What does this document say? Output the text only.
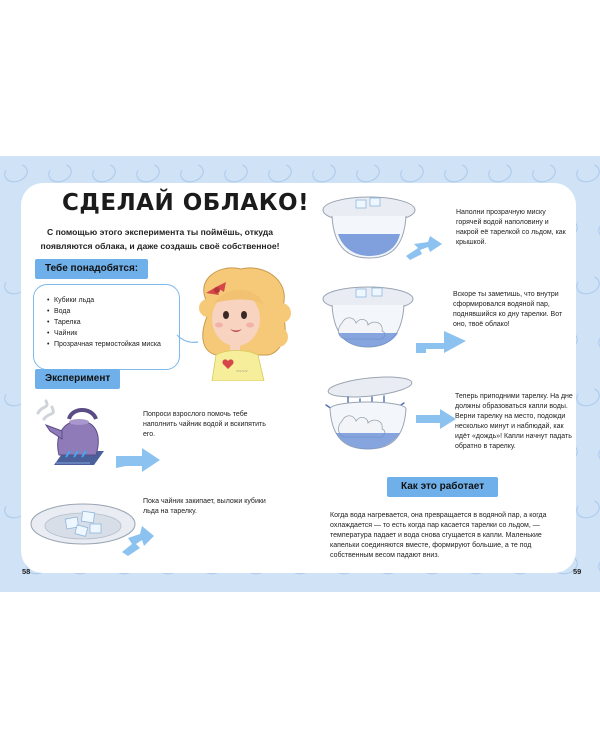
СДЕЛАЙ ОБЛАКО!

С помощью этого эксперимента ты поймёшь, откуда появляются облака, и даже создашь своё собственное!

Тебе понадобятся:
• Кубики льда
• Вода
• Тарелка
• Чайник
• Прозрачная термостойкая миска
~~~~
Эксперимент
Попроси взрослого помочь тебе наполнить чайник водой и вскипятить его.
Пока чайник закипает, выложи кубики льда на тарелку.
58
Наполни прозрачную миску горячей водой наполовину и накрой её тарелкой со льдом, как крышкой.
Вскоре ты заметишь, что внутри сформировался водяной пар, поднявшийся ко дну тарелки. Вот оно, твоё облако!
Теперь приподними тарелку. На дне должны образоваться капли воды. Верни тарелку на место, подожди несколько минут и наблюдай, как идёт «дождь»! Капли начнут падать обратно в тарелку.
Как это работает
Когда вода нагревается, она превращается в водяной пар, а когда охлаждается — то есть когда пар касается тарелки со льдом, — температура падает и вода снова сгущается в капли. Маленькие капельки соединяются вместе, формируют большие, а те под собственным весом падают вниз.
59
